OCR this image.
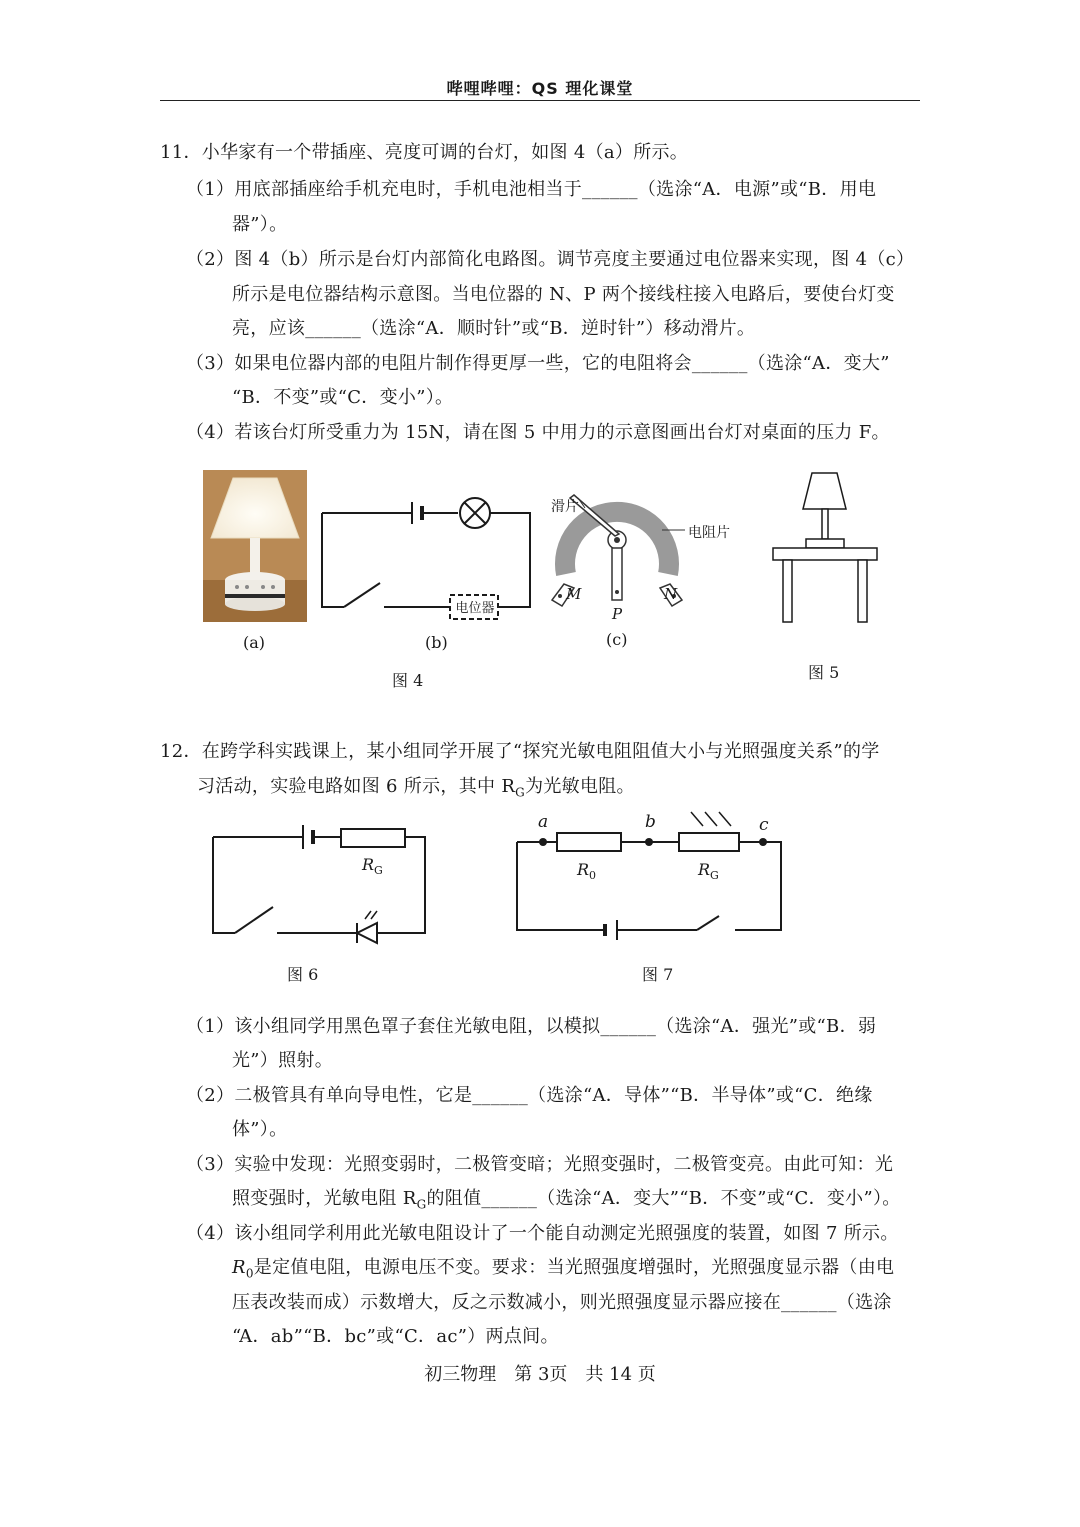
哔哩哔哩：QS 理化课堂
11．小华家有一个带插座、亮度可调的台灯，如图 4（a）所示。
（1）用底部插座给手机充电时，手机电池相当于______（选涂“A．电源”或“B．用电
器”）。
（2）图 4（b）所示是台灯内部简化电路图。调节亮度主要通过电位器来实现，图 4（c）
所示是电位器结构示意图。当电位器的 N、P 两个接线柱接入电路后，要使台灯变
亮，应该______（选涂“A．顺时针”或“B．逆时针”）移动滑片。
（3）如果电位器内部的电阻片制作得更厚一些，它的电阻将会______（选涂“A．变大”
“B．不变”或“C．变小”）。
（4）若该台灯所受重力为 15N，请在图 5 中用力的示意图画出台灯对桌面的压力 F。
(a)
电位器
(b)
滑片
电阻片
M
P
N
(c)
图 4	图 5
12．在跨学科实践课上，某小组同学开展了“探究光敏电阻阻值大小与光照强度关系”的学
习活动，实验电路如图 6 所示，其中 $R_G$为光敏电阻。
$R_G$
图 6
a	b	c
$R_0$	$R_G$
图 7
（1）该小组同学用黑色罩子套住光敏电阻，以模拟______（选涂“A．强光”或“B．弱
光”）照射。
（2）二极管具有单向导电性，它是______（选涂“A．导体”“B．半导体”或“C．绝缘
体”）。
（3）实验中发现：光照变弱时，二极管变暗；光照变强时，二极管变亮。由此可知：光
照变强时，光敏电阻 $R_G$的阻值______（选涂“A．变大”“B．不变”或“C．变小”）。
（4）该小组同学利用此光敏电阻设计了一个能自动测定光照强度的装置，如图 7 所示。
$R_0$是定值电阻，电源电压不变。要求：当光照强度增强时，光照强度显示器（由电
压表改装而成）示数增大，反之示数减小，则光照强度显示器应接在______（选涂
“A．ab”“B．bc”或“C．ac”）两点间。
初三物理　第 3页　共 14 页
